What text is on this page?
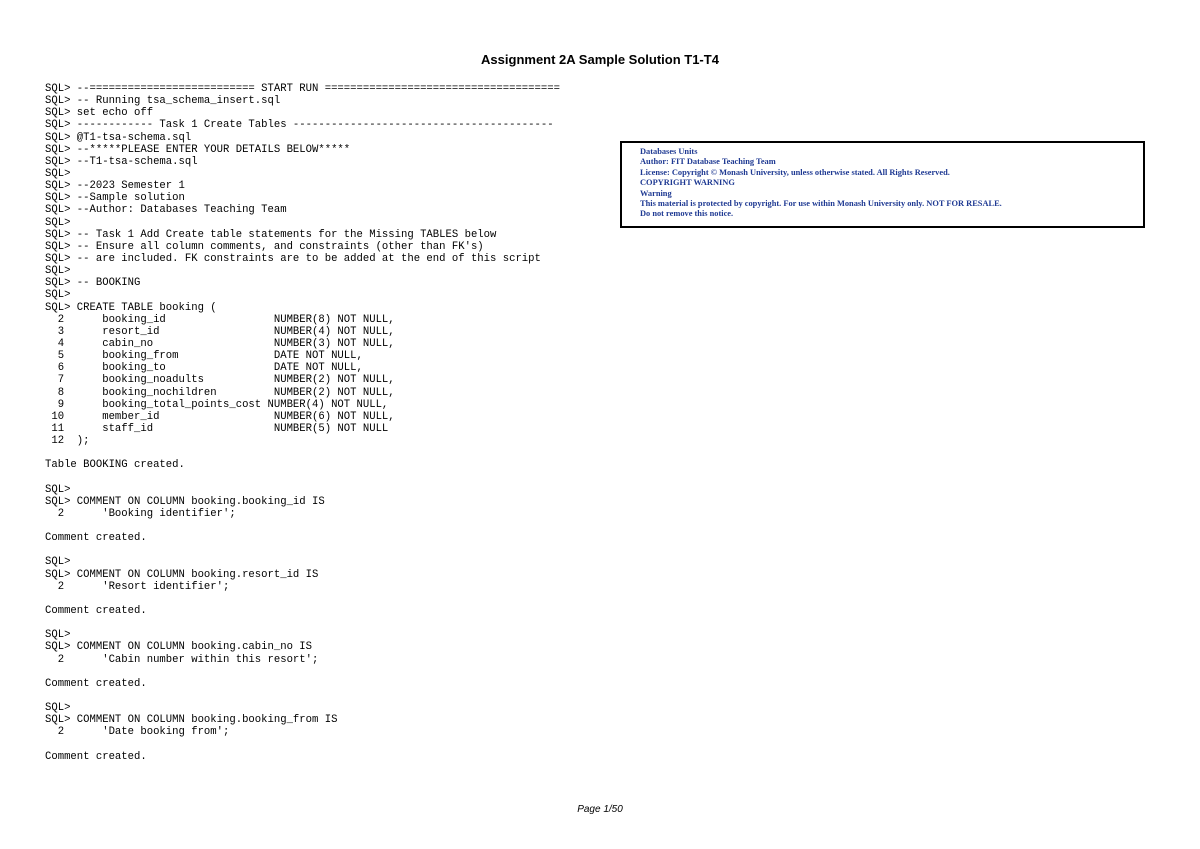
Assignment 2A Sample Solution T1-T4
SQL> --========================== START RUN =====================================
SQL> -- Running tsa_schema_insert.sql
SQL> set echo off
SQL> ------------ Task 1 Create Tables -----------------------------------------
SQL> @T1-tsa-schema.sql
SQL> --*****PLEASE ENTER YOUR DETAILS BELOW*****
SQL> --T1-tsa-schema.sql
SQL>
SQL> --2023 Semester 1
SQL> --Sample solution
SQL> --Author: Databases Teaching Team
SQL>
SQL> -- Task 1 Add Create table statements for the Missing TABLES below
SQL> -- Ensure all column comments, and constraints (other than FK's)
SQL> -- are included. FK constraints are to be added at the end of this script
SQL>
SQL> -- BOOKING
SQL>
SQL> CREATE TABLE booking (
2      booking_id                 NUMBER(8) NOT NULL,
3      resort_id                  NUMBER(4) NOT NULL,
4      cabin_no                   NUMBER(3) NOT NULL,
5      booking_from               DATE NOT NULL,
6      booking_to                 DATE NOT NULL,
7      booking_noadults           NUMBER(2) NOT NULL,
8      booking_nochildren         NUMBER(2) NOT NULL,
9      booking_total_points_cost NUMBER(4) NOT NULL,
10      member_id                  NUMBER(6) NOT NULL,
11      staff_id                   NUMBER(5) NOT NULL
12  );
Table BOOKING created.
SQL>
SQL> COMMENT ON COLUMN booking.booking_id IS
2      'Booking identifier';
Comment created.
SQL>
SQL> COMMENT ON COLUMN booking.resort_id IS
2      'Resort identifier';
Comment created.
SQL>
SQL> COMMENT ON COLUMN booking.cabin_no IS
2      'Cabin number within this resort';
Comment created.
SQL>
SQL> COMMENT ON COLUMN booking.booking_from IS
2      'Date booking from';
Comment created.
Databases Units
Author: FIT Database Teaching Team
License: Copyright © Monash University, unless otherwise stated. All Rights Reserved.
COPYRIGHT WARNING
Warning
This material is protected by copyright. For use within Monash University only. NOT FOR RESALE.
Do not remove this notice.
Page 1/50
